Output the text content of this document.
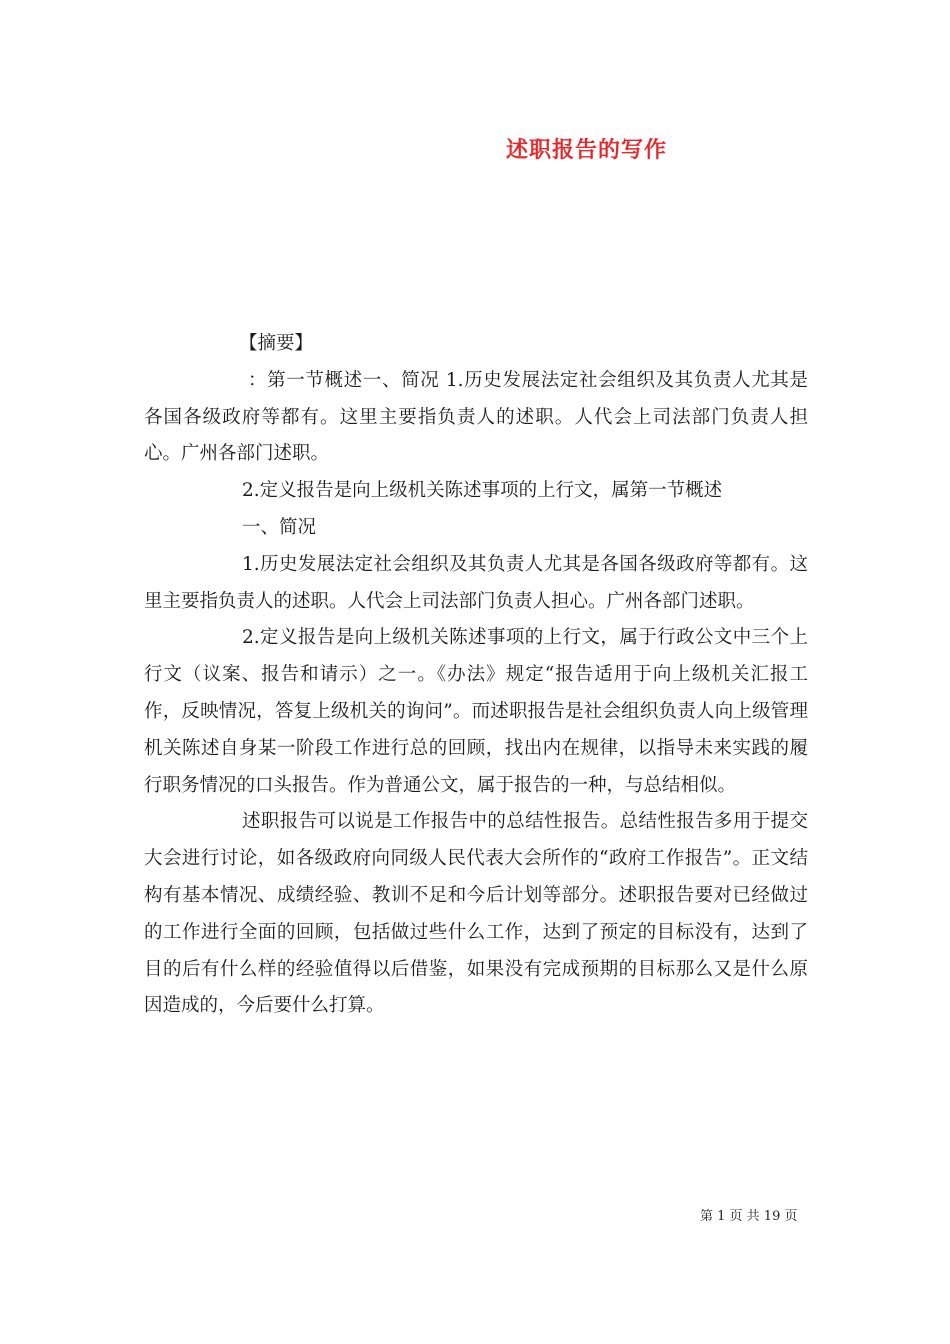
述职报告的写作

【摘要】

：第一节概述一、简况 1.历史发展法定社会组织及其负责人尤其是各国各级政府等都有。这里主要指负责人的述职。人代会上司法部门负责人担心。广州各部门述职。

2.定义报告是向上级机关陈述事项的上行文，属第一节概述

一、简况

1.历史发展法定社会组织及其负责人尤其是各国各级政府等都有。这里主要指负责人的述职。人代会上司法部门负责人担心。广州各部门述职。

2.定义报告是向上级机关陈述事项的上行文，属于行政公文中三个上行文（议案、报告和请示）之一。《办法》规定“报告适用于向上级机关汇报工作，反映情况，答复上级机关的询问”。而述职报告是社会组织负责人向上级管理机关陈述自身某一阶段工作进行总的回顾，找出内在规律，以指导未来实践的履行职务情况的口头报告。作为普通公文，属于报告的一种，与总结相似。

述职报告可以说是工作报告中的总结性报告。总结性报告多用于提交大会进行讨论，如各级政府向同级人民代表大会所作的“政府工作报告”。正文结构有基本情况、成绩经验、教训不足和今后计划等部分。述职报告要对已经做过的工作进行全面的回顾，包括做过些什么工作，达到了预定的目标没有，达到了目的后有什么样的经验值得以后借鉴，如果没有完成预期的目标那么又是什么原因造成的，今后要什么打算。

第 1 页 共 19 页
